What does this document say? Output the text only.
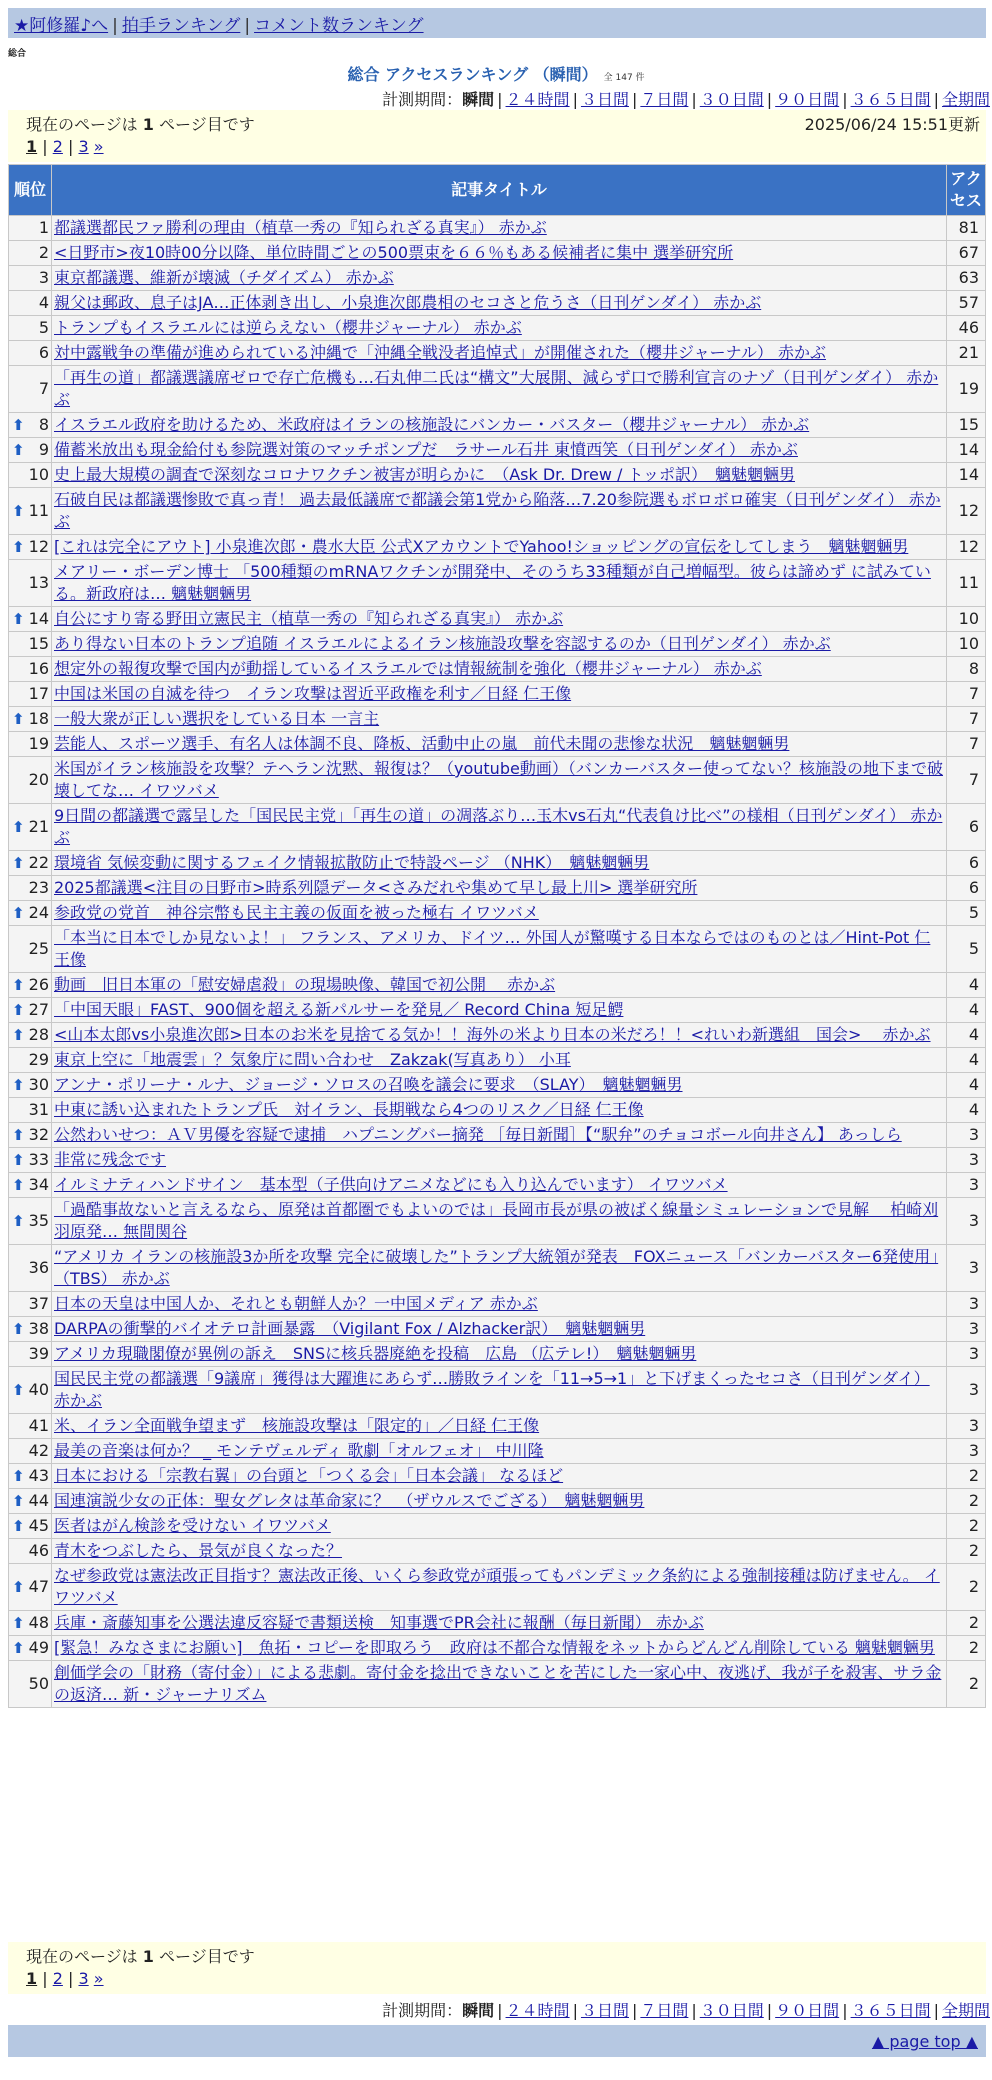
★阿修羅♪へ | 拍手ランキング | コメント数ランキング
総合
総合 アクセスランキング （瞬間） 全 147 件
計測期間：瞬間 | ２４時間 | ３日間 | ７日間 | ３０日間 | ９０日間 | ３６５日間 | 全期間
現在のページは 1 ページ目です	2025/06/24 15:51更新
1 | 2 | 3 »
順位	記事タイトル	アクセス
1	都議選都民ファ勝利の理由（植草一秀の『知られざる真実』） 赤かぶ	81
2	<日野市>夜10時00分以降、単位時間ごとの500票束を６６％もある候補者に集中 選挙研究所	67
3	東京都議選、維新が壊滅（チダイズム） 赤かぶ	63
4	親父は郵政、息子はJA…正体剥き出し、小泉進次郎農相のセコさと危うさ（日刊ゲンダイ） 赤かぶ	57
5	トランプもイスラエルには逆らえない（櫻井ジャーナル） 赤かぶ	46
6	対中露戦争の準備が進められている沖縄で「沖縄全戦没者追悼式」が開催された（櫻井ジャーナル） 赤かぶ	21
7	「再生の道」都議選議席ゼロで存亡危機も…石丸伸二氏は“構文”大展開、減らず口で勝利宣言のナゾ（日刊ゲンダイ） 赤かぶ	19

⬆ 8	イスラエル政府を助けるため、米政府はイランの核施設にバンカー・バスター（櫻井ジャーナル） 赤かぶ	15

⬆ 9	備蓄米放出も現金給付も参院選対策のマッチポンプだ　ラサール石井 東憤西笑（日刊ゲンダイ） 赤かぶ	14
10	史上最大規模の調査で深刻なコロナワクチン被害が明らかに　（Ask Dr. Drew / トッポ訳）　魑魅魍魎男	14

⬆ 11	石破自民は都議選惨敗で真っ青！ 過去最低議席で都議会第1党から陥落…7.20参院選もボロボロ確実（日刊ゲンダイ） 赤かぶ	12

⬆ 12	[これは完全にアウト] 小泉進次郎・農水大臣 公式XアカウントでYahoo!ショッピングの宣伝をしてしまう　魑魅魍魎男	12
13	メアリー・ボーデン博士 「500種類のmRNAワクチンが開発中、そのうち33種類が自己増幅型。彼らは諦めず に試みている。新政府は… 魑魅魍魎男	11

⬆ 14	自公にすり寄る野田立憲民主（植草一秀の『知られざる真実』） 赤かぶ	10
15	あり得ない日本のトランプ追随 イスラエルによるイラン核施設攻撃を容認するのか（日刊ゲンダイ） 赤かぶ	10
16	想定外の報復攻撃で国内が動揺しているイスラエルでは情報統制を強化（櫻井ジャーナル） 赤かぶ	8
17	中国は米国の自滅を待つ　イラン攻撃は習近平政権を利す／日経 仁王像	7

⬆ 18	一般大衆が正しい選択をしている日本 一言主	7
19	芸能人、スポーツ選手、有名人は体調不良、降板、活動中止の嵐　前代未聞の悲惨な状況　魑魅魍魎男	7
20	米国がイラン核施設を攻撃？テヘラン沈黙、報復は？（youtube動画）（バンカーバスター使ってない？核施設の地下まで破壊してな… イワツバメ	7

⬆ 21	9日間の都議選で露呈した「国民民主党」「再生の道」の凋落ぶり…玉木vs石丸“代表負け比べ”の様相（日刊ゲンダイ） 赤かぶ	6

⬆ 22	環境省 気候変動に関するフェイク情報拡散防止で特設ページ （NHK）　魑魅魍魎男	6
23	2025都議選<注目の日野市>時系列隠データ<さみだれや集めて早し最上川> 選挙研究所	6

⬆ 24	参政党の党首　神谷宗幣も民主主義の仮面を被った極右 イワツバメ	5
25	「本当に日本でしか見ないよ！」 フランス、アメリカ、ドイツ… 外国人が驚嘆する日本ならではのものとは／Hint-Pot 仁王像	5

⬆ 26	動画　旧日本軍の「慰安婦虐殺」の現場映像、韓国で初公開　 赤かぶ	4

⬆ 27	「中国天眼」FAST、900個を超える新パルサーを発見／ Record China 短足鰐	4

⬆ 28	<山本太郎vs小泉進次郎>日本のお米を見捨てる気か！！海外の米より日本の米だろ！！<れいわ新選組　国会>　 赤かぶ	4
29	東京上空に「地震雲」？気象庁に問い合わせ　Zakzak(写真あり） 小耳	4

⬆ 30	アンナ・ポリーナ・ルナ、ジョージ・ソロスの召喚を議会に要求　（SLAY）　魑魅魍魎男	4
31	中東に誘い込まれたトランプ氏　対イラン、長期戦なら4つのリスク／日経 仁王像	4

⬆ 32	公然わいせつ：ＡＶ男優を容疑で逮捕　ハプニングバー摘発 ［毎日新聞］【“駅弁”のチョコボール向井さん】 あっしら	3

⬆ 33	非常に残念です	3

⬆ 34	イルミナティハンドサイン　基本型（子供向けアニメなどにも入り込んでいます） イワツバメ	3

⬆ 35	「過酷事故ないと言えるなら、原発は首都圏でもよいのでは」長岡市長が県の被ばく線量シミュレーションで見解　 柏崎刈羽原発… 無間関谷	3
36	“アメリカ イランの核施設3か所を攻撃 完全に破壊した”トランプ大統領が発表　FOXニュース「バンカーバスター6発使用」（TBS） 赤かぶ	3
37	日本の天皇は中国人か、それとも朝鮮人か？一中国メディア 赤かぶ	3

⬆ 38	DARPAの衝撃的バイオテロ計画暴露　（Vigilant Fox / Alzhacker訳）　魑魅魍魎男	3
39	アメリカ現職閣僚が異例の訴え　SNSに核兵器廃絶を投稿　広島 （広テレ!）　魑魅魍魎男	3

⬆ 40	国民民主党の都議選「9議席」獲得は大躍進にあらず…勝敗ラインを「11→5→1」と下げまくったセコさ（日刊ゲンダイ） 赤かぶ	3
41	米、イラン全面戦争望まず　核施設攻撃は「限定的」／日経 仁王像	3
42	最美の音楽は何か？ _ モンテヴェルディ 歌劇「オルフェオ」 中川隆	3

⬆ 43	日本における「宗教右翼」の台頭と「つくる会」「日本会議」 なるほど	2

⬆ 44	国連演説少女の正体：聖女グレタは革命家に？　（ザウルスでござる）　魑魅魍魎男	2

⬆ 45	医者はがん検診を受けない イワツバメ	2
46	青木をつぶしたら、景気が良くなった？	2

⬆ 47	なぜ参政党は憲法改正目指す？憲法改正後、いくら参政党が頑張ってもパンデミック条約による強制接種は防げません。 イワツバメ	2

⬆ 48	兵庫・斎藤知事を公選法違反容疑で書類送検　知事選でPR会社に報酬（毎日新聞） 赤かぶ	2

⬆ 49	[緊急！みなさまにお願い]　魚拓・コピーを即取ろう　政府は不都合な情報をネットからどんどん削除している 魑魅魍魎男	2
50	創価学会の「財務（寄付金）」による悲劇。寄付金を捻出できないことを苦にした一家心中、夜逃げ、我が子を殺害、サラ金の返済… 新・ジャーナリズム	2
現在のページは 1 ページ目です
1 | 2 | 3 »
計測期間：瞬間 | ２４時間 | ３日間 | ７日間 | ３０日間 | ９０日間 | ３６５日間 | 全期間
▲ page top ▲
